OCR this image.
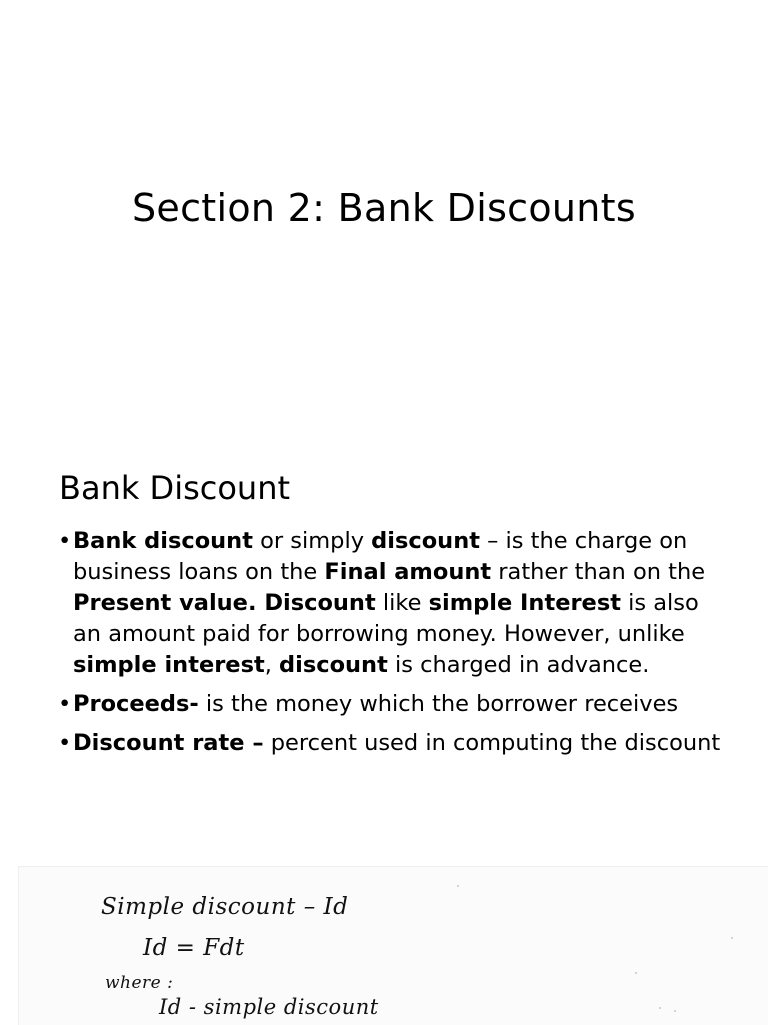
Section 2: Bank Discounts
Bank Discount
• Bank discount or simply discount – is the charge on business loans on the Final amount rather than on the Present value. Discount like simple Interest is also an amount paid for borrowing money. However, unlike simple interest, discount is charged in advance.
• Proceeds- is the money which the borrower receives
• Discount rate – percent used in computing the discount
Simple discount – Id
Id = Fdt
where :
Id - simple discount
